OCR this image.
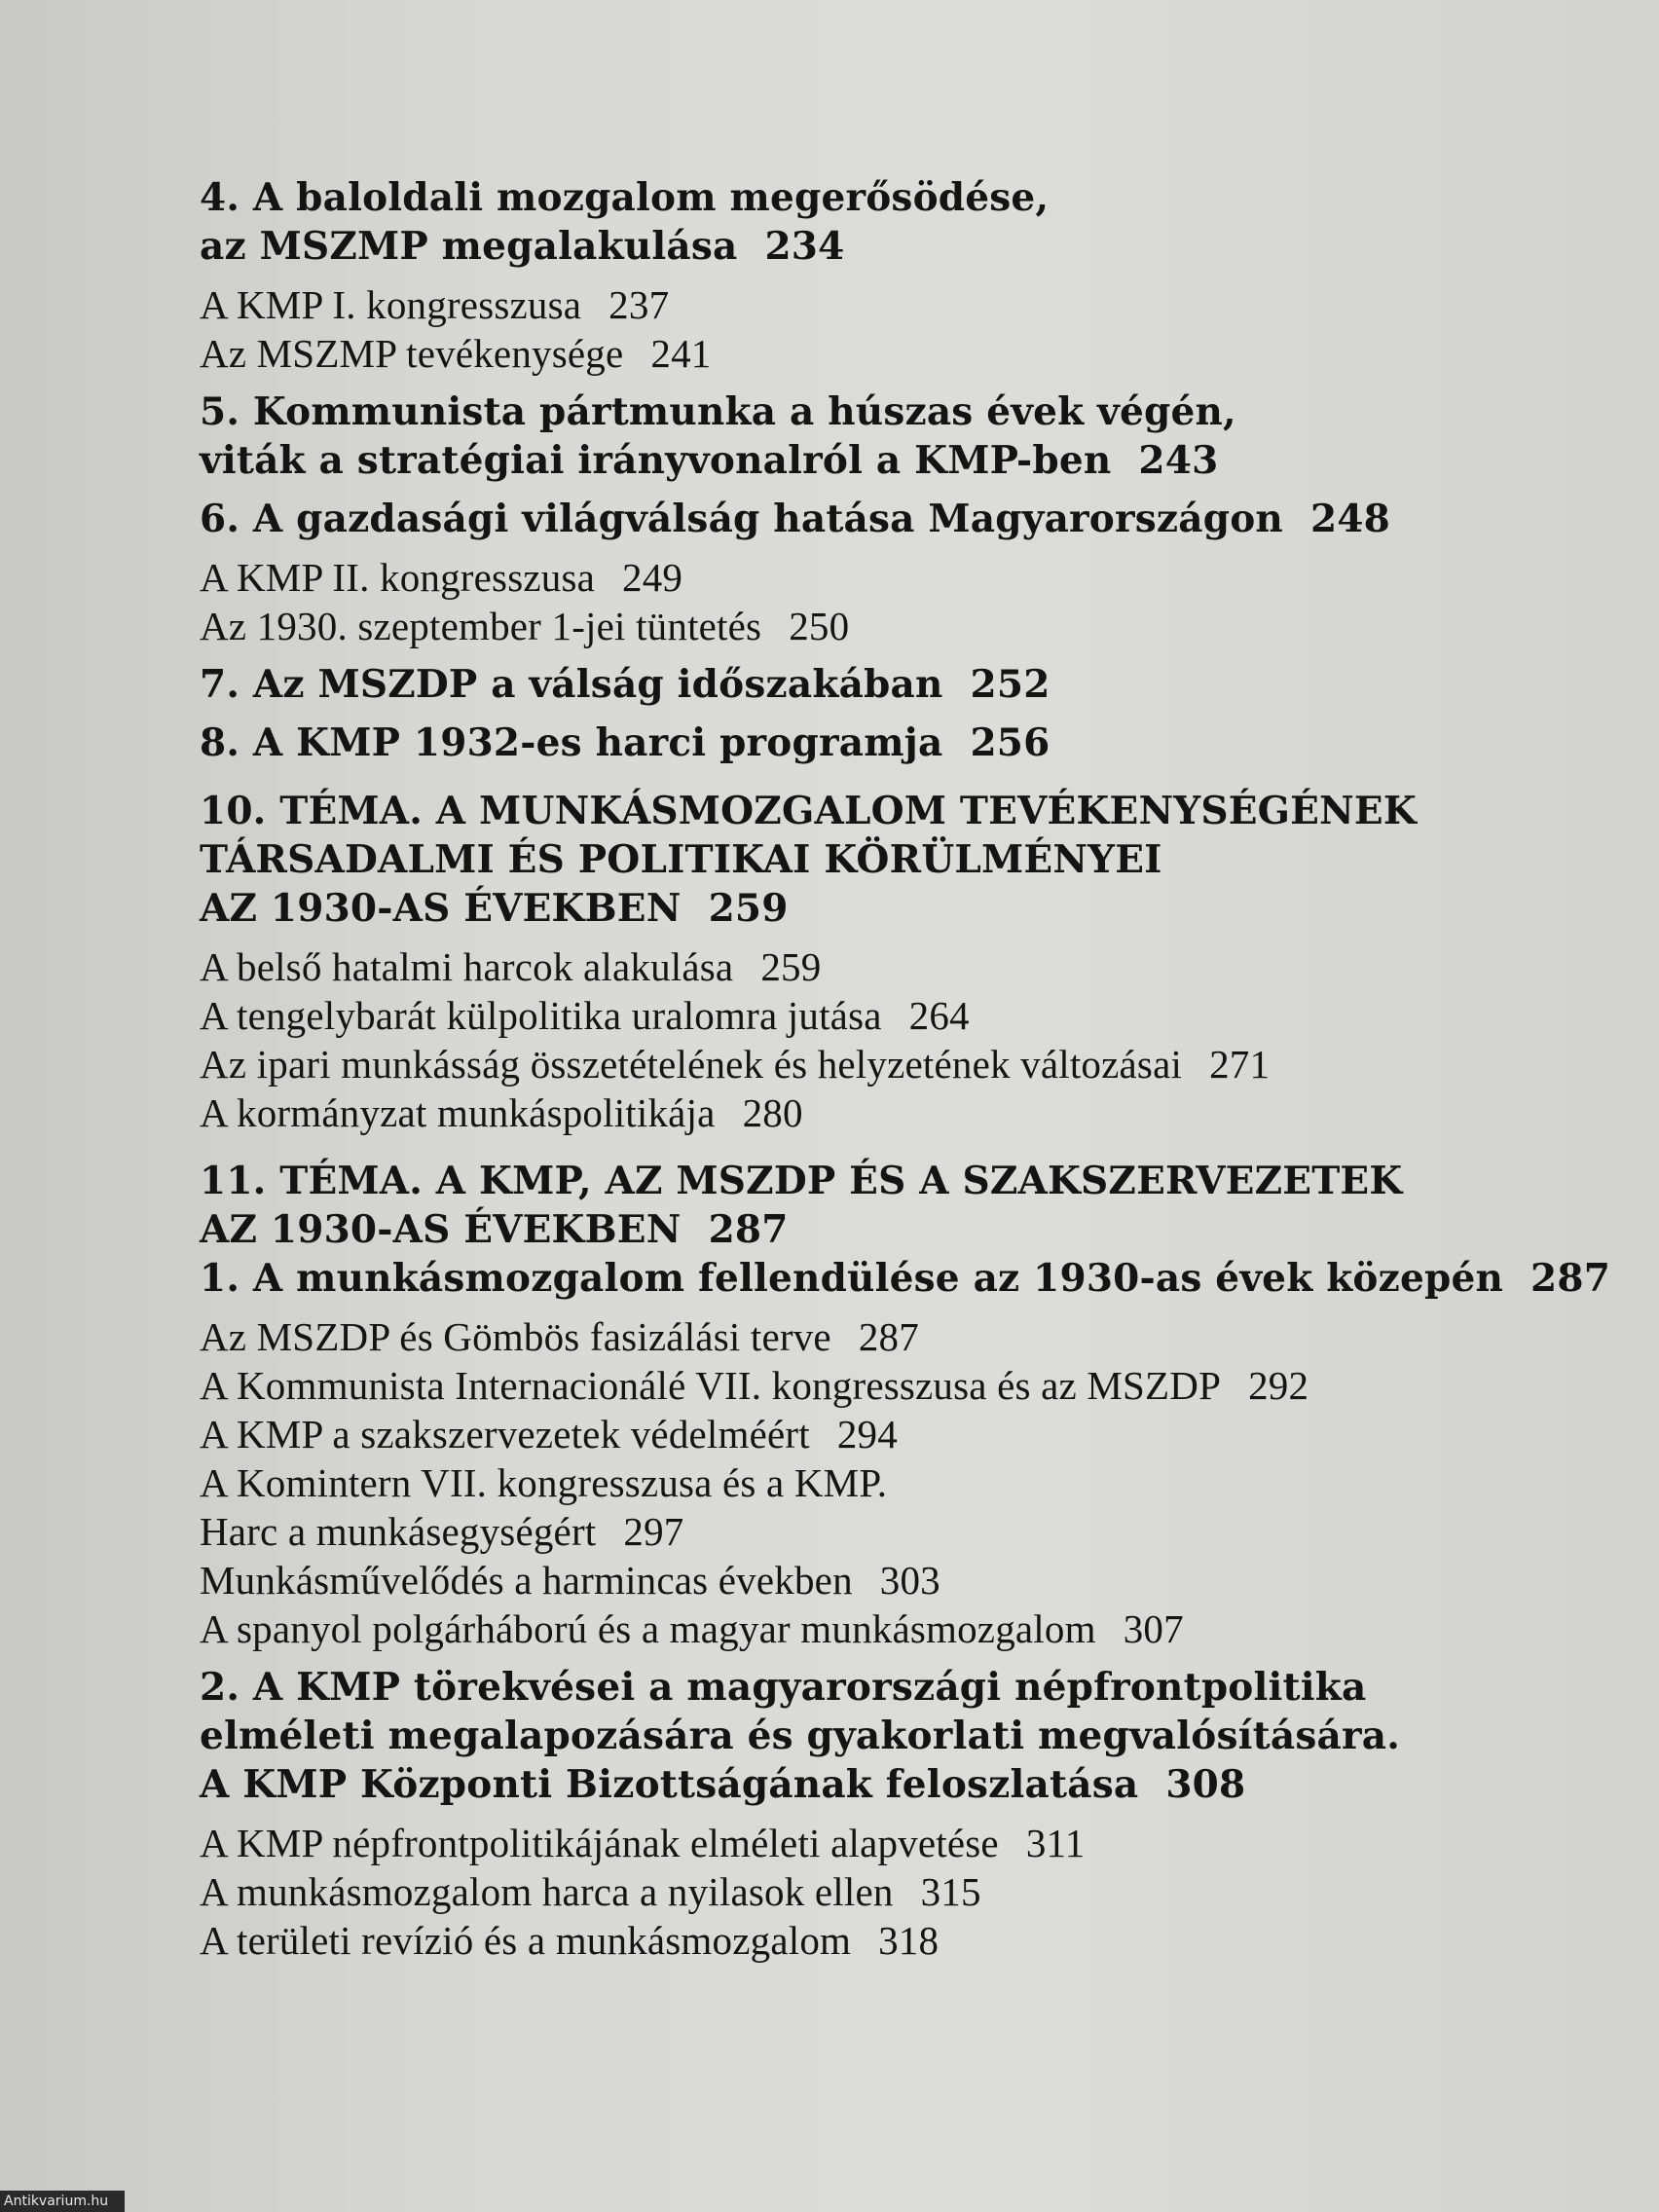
4. A baloldali mozgalom megerősödése,
az MSZMP megalakulása 234
A KMP I. kongresszusa 237
Az MSZMP tevékenysége 241
5. Kommunista pártmunka a húszas évek végén,
viták a stratégiai irányvonalról a KMP-ben 243
6. A gazdasági világválság hatása Magyarországon 248
A KMP II. kongresszusa 249
Az 1930. szeptember 1-jei tüntetés 250
7. Az MSZDP a válság időszakában 252
8. A KMP 1932-es harci programja 256
10. TÉMA. A MUNKÁSMOZGALOM TEVÉKENYSÉGÉNEK
TÁRSADALMI ÉS POLITIKAI KÖRÜLMÉNYEI
AZ 1930-AS ÉVEKBEN 259
A belső hatalmi harcok alakulása 259
A tengelybarát külpolitika uralomra jutása 264
Az ipari munkásság összetételének és helyzetének változásai 271
A kormányzat munkáspolitikája 280
11. TÉMA. A KMP, AZ MSZDP ÉS A SZAKSZERVEZETEK
AZ 1930-AS ÉVEKBEN 287
1. A munkásmozgalom fellendülése az 1930-as évek közepén 287
Az MSZDP és Gömbös fasizálási terve 287
A Kommunista Internacionálé VII. kongresszusa és az MSZDP 292
A KMP a szakszervezetek védelméért 294
A Komintern VII. kongresszusa és a KMP.
Harc a munkásegységért 297
Munkásművelődés a harmincas években 303
A spanyol polgárháború és a magyar munkásmozgalom 307
2. A KMP törekvései a magyarországi népfrontpolitika
elméleti megalapozására és gyakorlati megvalósítására.
A KMP Központi Bizottságának feloszlatása 308
A KMP népfrontpolitikájának elméleti alapvetése 311
A munkásmozgalom harca a nyilasok ellen 315
A területi revízió és a munkásmozgalom 318
Antikvarium.hu
